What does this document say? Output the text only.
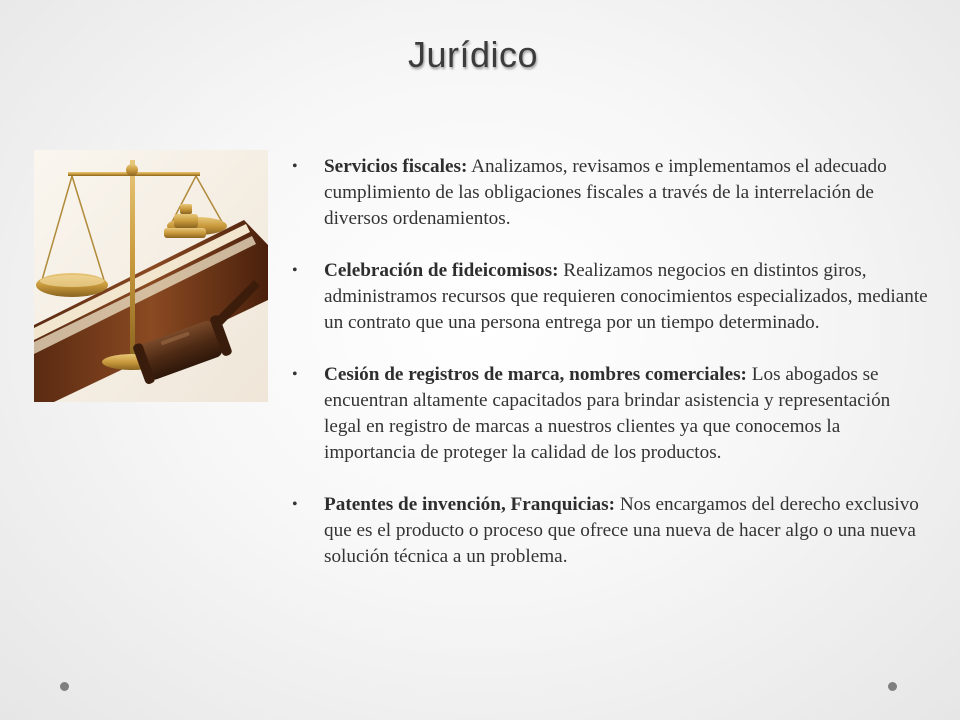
Jurídico
• Servicios fiscales: Analizamos, revisamos e implementamos el adecuado cumplimiento de las obligaciones fiscales a través de la interrelación de diversos ordenamientos.
• Celebración de fideicomisos: Realizamos negocios en distintos giros, administramos recursos que requieren conocimientos especializados, mediante un contrato que una persona entrega por un tiempo determinado.
• Cesión de registros de marca, nombres comerciales: Los abogados se encuentran altamente capacitados para brindar asistencia y representación legal en registro de marcas a nuestros clientes ya que conocemos la importancia de proteger la calidad de los productos.
• Patentes de invención, Franquicias: Nos encargamos del derecho exclusivo que es el producto o proceso que ofrece una nueva de hacer algo o una nueva solución técnica a un problema.
